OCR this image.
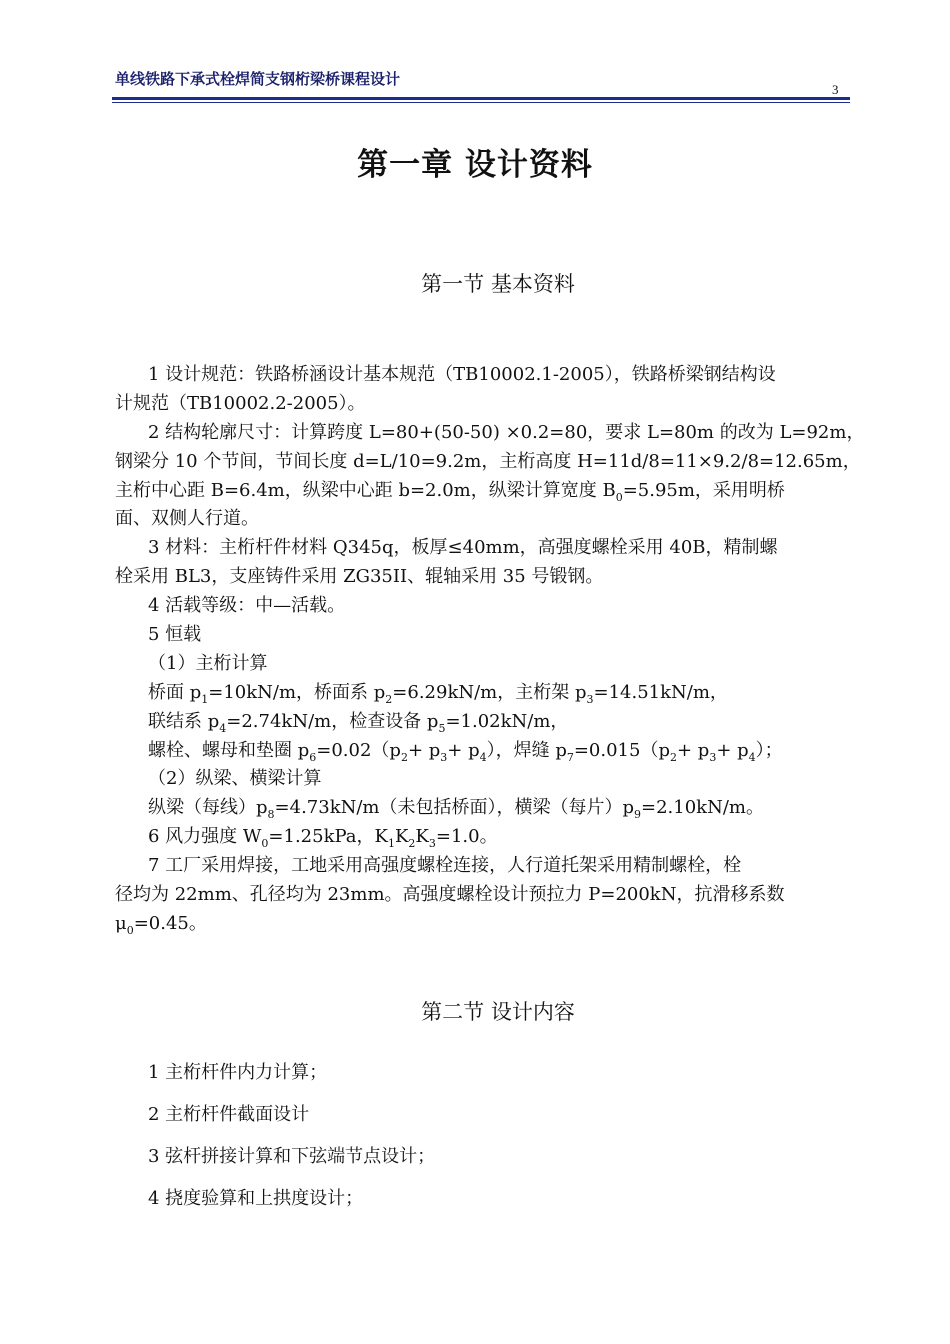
单线铁路下承式栓焊简支钢桁梁桥课程设计
3
第一章 设计资料
第一节 基本资料
1 设计规范：铁路桥涵设计基本规范（TB10002.1-2005），铁路桥梁钢结构设
计规范（TB10002.2-2005）。
2 结构轮廓尺寸：计算跨度 L=80+(50-50) ×0.2=80，要求 L=80m 的改为 L=92m，
钢梁分 10 个节间，节间长度 d=L/10=9.2m，主桁高度 H=11d/8=11×9.2/8=12.65m，
主桁中心距 B=6.4m，纵梁中心距 b=2.0m，纵梁计算宽度 $B_0=5.95m$，采用明桥
面、双侧人行道。
3 材料：主桁杆件材料 Q345q，板厚≤40mm，高强度螺栓采用 40B，精制螺
栓采用 BL3，支座铸件采用 ZG35II、辊轴采用 35 号锻钢。
4 活载等级：中—活载。
5 恒载
（1）主桁计算
桥面 $p_1=10kN/m$，桥面系 $p_2=6.29kN/m$，主桁架 $p_3=14.51kN/m$，
联结系 $p_4=2.74kN/m$，检查设备 $p_5=1.02kN/m$，
螺栓、螺母和垫圈 $p_6=0.02(p_2+ p_3+ p_4)$，焊缝 $p_7=0.015(p_2+ p_3+ p_4)$；
（2）纵梁、横梁计算
纵梁（每线）$p_8=4.73kN/m$（未包括桥面），横梁（每片）$p_9=2.10kN/m$。
6 风力强度 $W_0=1.25kPa$，$K_1K_2K_3=1.0$。
7 工厂采用焊接，工地采用高强度螺栓连接，人行道托架采用精制螺栓，栓
径均为 22mm、孔径均为 23mm。高强度螺栓设计预拉力 P=200kN，抗滑移系数
$\mu_0=0.45$。
第二节 设计内容
1 主桁杆件内力计算；
2 主桁杆件截面设计
3 弦杆拼接计算和下弦端节点设计；
4 挠度验算和上拱度设计；
